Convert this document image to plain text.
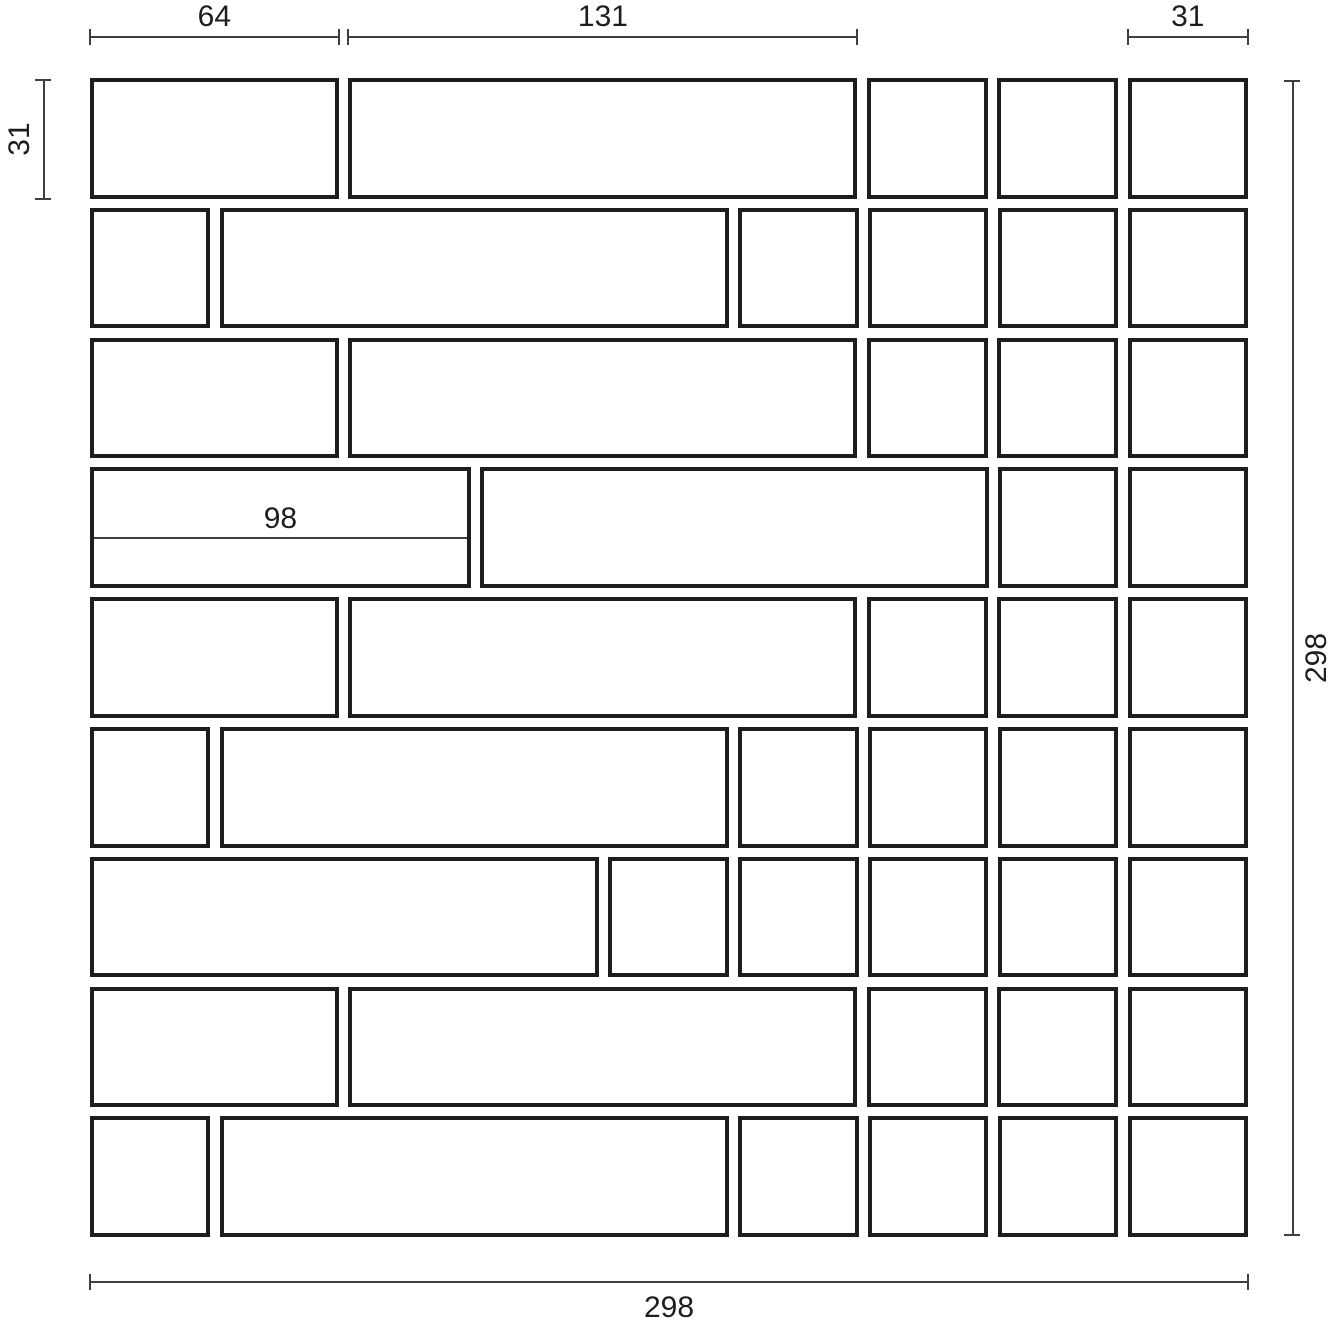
64	131	31
298
31
298
98
